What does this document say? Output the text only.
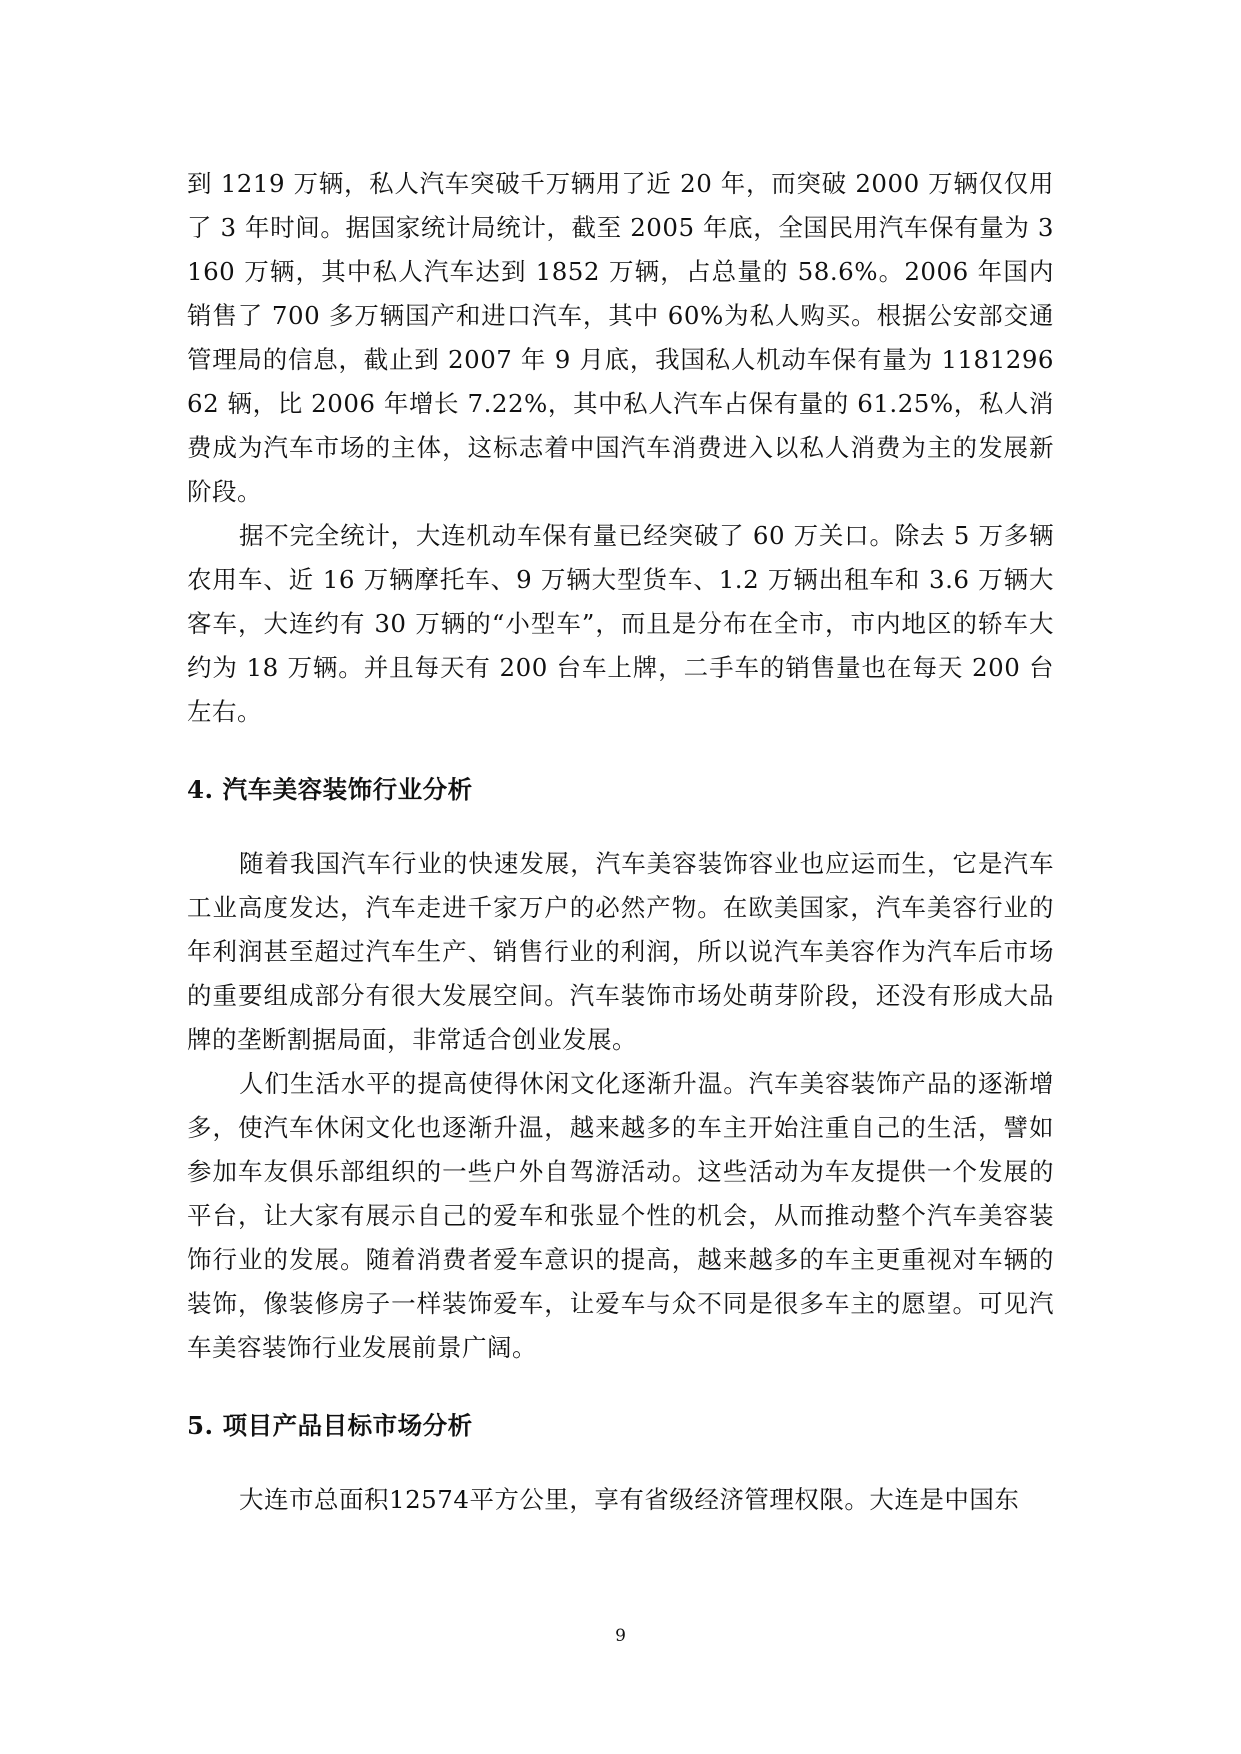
到 1219 万辆，私人汽车突破千万辆用了近 20 年，而突破 2000 万辆仅仅用了 3 年时间。据国家统计局统计，截至 2005 年底，全国民用汽车保有量为 3160 万辆，其中私人汽车达到 1852 万辆，占总量的 58.6%。2006 年国内销售了 700 多万辆国产和进口汽车，其中 60%为私人购买。根据公安部交通管理局的信息，截止到 2007 年 9 月底，我国私人机动车保有量为 118129662 辆，比 2006 年增长 7.22%，其中私人汽车占保有量的 61.25%，私人消费成为汽车市场的主体，这标志着中国汽车消费进入以私人消费为主的发展新阶段。

据不完全统计，大连机动车保有量已经突破了 60 万关口。除去 5 万多辆农用车、近 16 万辆摩托车、9 万辆大型货车、1.2 万辆出租车和 3.6 万辆大客车，大连约有 30 万辆的“小型车”，而且是分布在全市，市内地区的轿车大约为 18 万辆。并且每天有 200 台车上牌，二手车的销售量也在每天 200 台左右。

4. 汽车美容装饰行业分析

随着我国汽车行业的快速发展，汽车美容装饰容业也应运而生，它是汽车工业高度发达，汽车走进千家万户的必然产物。在欧美国家，汽车美容行业的年利润甚至超过汽车生产、销售行业的利润，所以说汽车美容作为汽车后市场的重要组成部分有很大发展空间。汽车装饰市场处萌芽阶段，还没有形成大品牌的垄断割据局面，非常适合创业发展。

人们生活水平的提高使得休闲文化逐渐升温。汽车美容装饰产品的逐渐增多，使汽车休闲文化也逐渐升温，越来越多的车主开始注重自己的生活，譬如参加车友俱乐部组织的一些户外自驾游活动。这些活动为车友提供一个发展的平台，让大家有展示自己的爱车和张显个性的机会，从而推动整个汽车美容装饰行业的发展。随着消费者爱车意识的提高，越来越多的车主更重视对车辆的装饰，像装修房子一样装饰爱车，让爱车与众不同是很多车主的愿望。可见汽车美容装饰行业发展前景广阔。

5. 项目产品目标市场分析

大连市总面积12574平方公里，享有省级经济管理权限。大连是中国东

9
